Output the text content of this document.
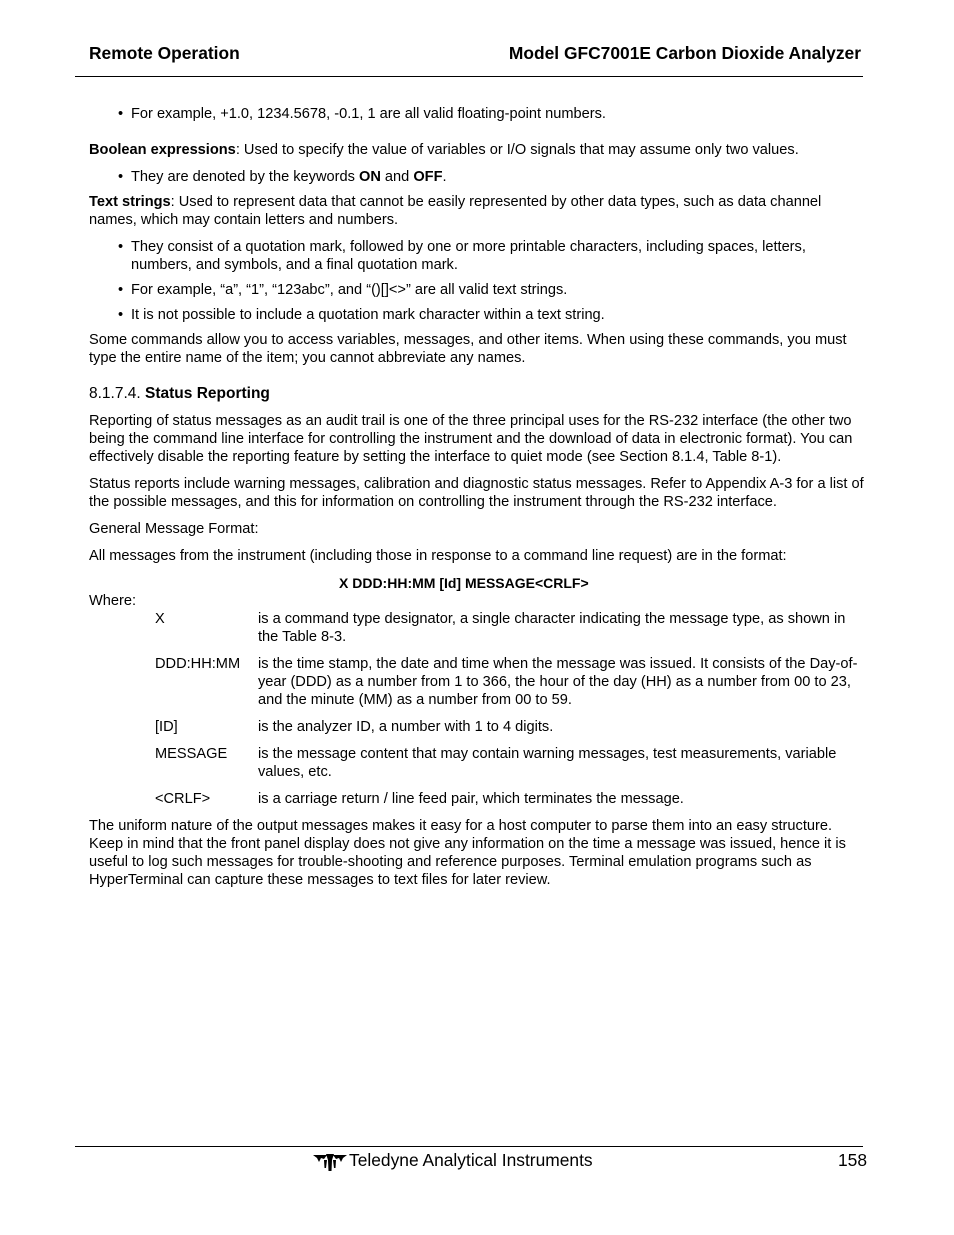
Remote Operation	Model GFC7001E Carbon Dioxide Analyzer
• For example, +1.0, 1234.5678, -0.1, 1 are all valid floating-point numbers.

Boolean expressions: Used to specify the value of variables or I/O signals that may assume only two values.

• They are denoted by the keywords ON and OFF.

Text strings: Used to represent data that cannot be easily represented by other data types, such as data channel names, which may contain letters and numbers.

• They consist of a quotation mark, followed by one or more printable characters, including spaces, letters, numbers, and symbols, and a final quotation mark.
• For example, “a”, “1”, “123abc”, and “()[]<>” are all valid text strings.
• It is not possible to include a quotation mark character within a text string.

Some commands allow you to access variables, messages, and other items. When using these commands, you must type the entire name of the item; you cannot abbreviate any names.

8.1.7.4. Status Reporting

Reporting of status messages as an audit trail is one of the three principal uses for the RS-232 interface (the other two being the command line interface for controlling the instrument and the download of data in electronic format). You can effectively disable the reporting feature by setting the interface to quiet mode (see Section 8.1.4, Table 8-1).

Status reports include warning messages, calibration and diagnostic status messages. Refer to Appendix A-3 for a list of the possible messages, and this for information on controlling the instrument through the RS-232 interface.

General Message Format:

All messages from the instrument (including those in response to a command line request) are in the format:

X DDD:HH:MM [Id] MESSAGE<CRLF>
Where:
X	is a command type designator, a single character indicating the message type, as shown in the Table 8-3.
DDD:HH:MM	is the time stamp, the date and time when the message was issued. It consists of the Day-of-year (DDD) as a number from 1 to 366, the hour of the day (HH) as a number from 00 to 23, and the minute (MM) as a number from 00 to 59.
[ID]	is the analyzer ID, a number with 1 to 4 digits.
MESSAGE	is the message content that may contain warning messages, test measurements, variable values, etc.
<CRLF>	is a carriage return / line feed pair, which terminates the message.

The uniform nature of the output messages makes it easy for a host computer to parse them into an easy structure. Keep in mind that the front panel display does not give any information on the time a message was issued, hence it is useful to log such messages for trouble-shooting and reference purposes. Terminal emulation programs such as HyperTerminal can capture these messages to text files for later review.

Teledyne Analytical Instruments	158
